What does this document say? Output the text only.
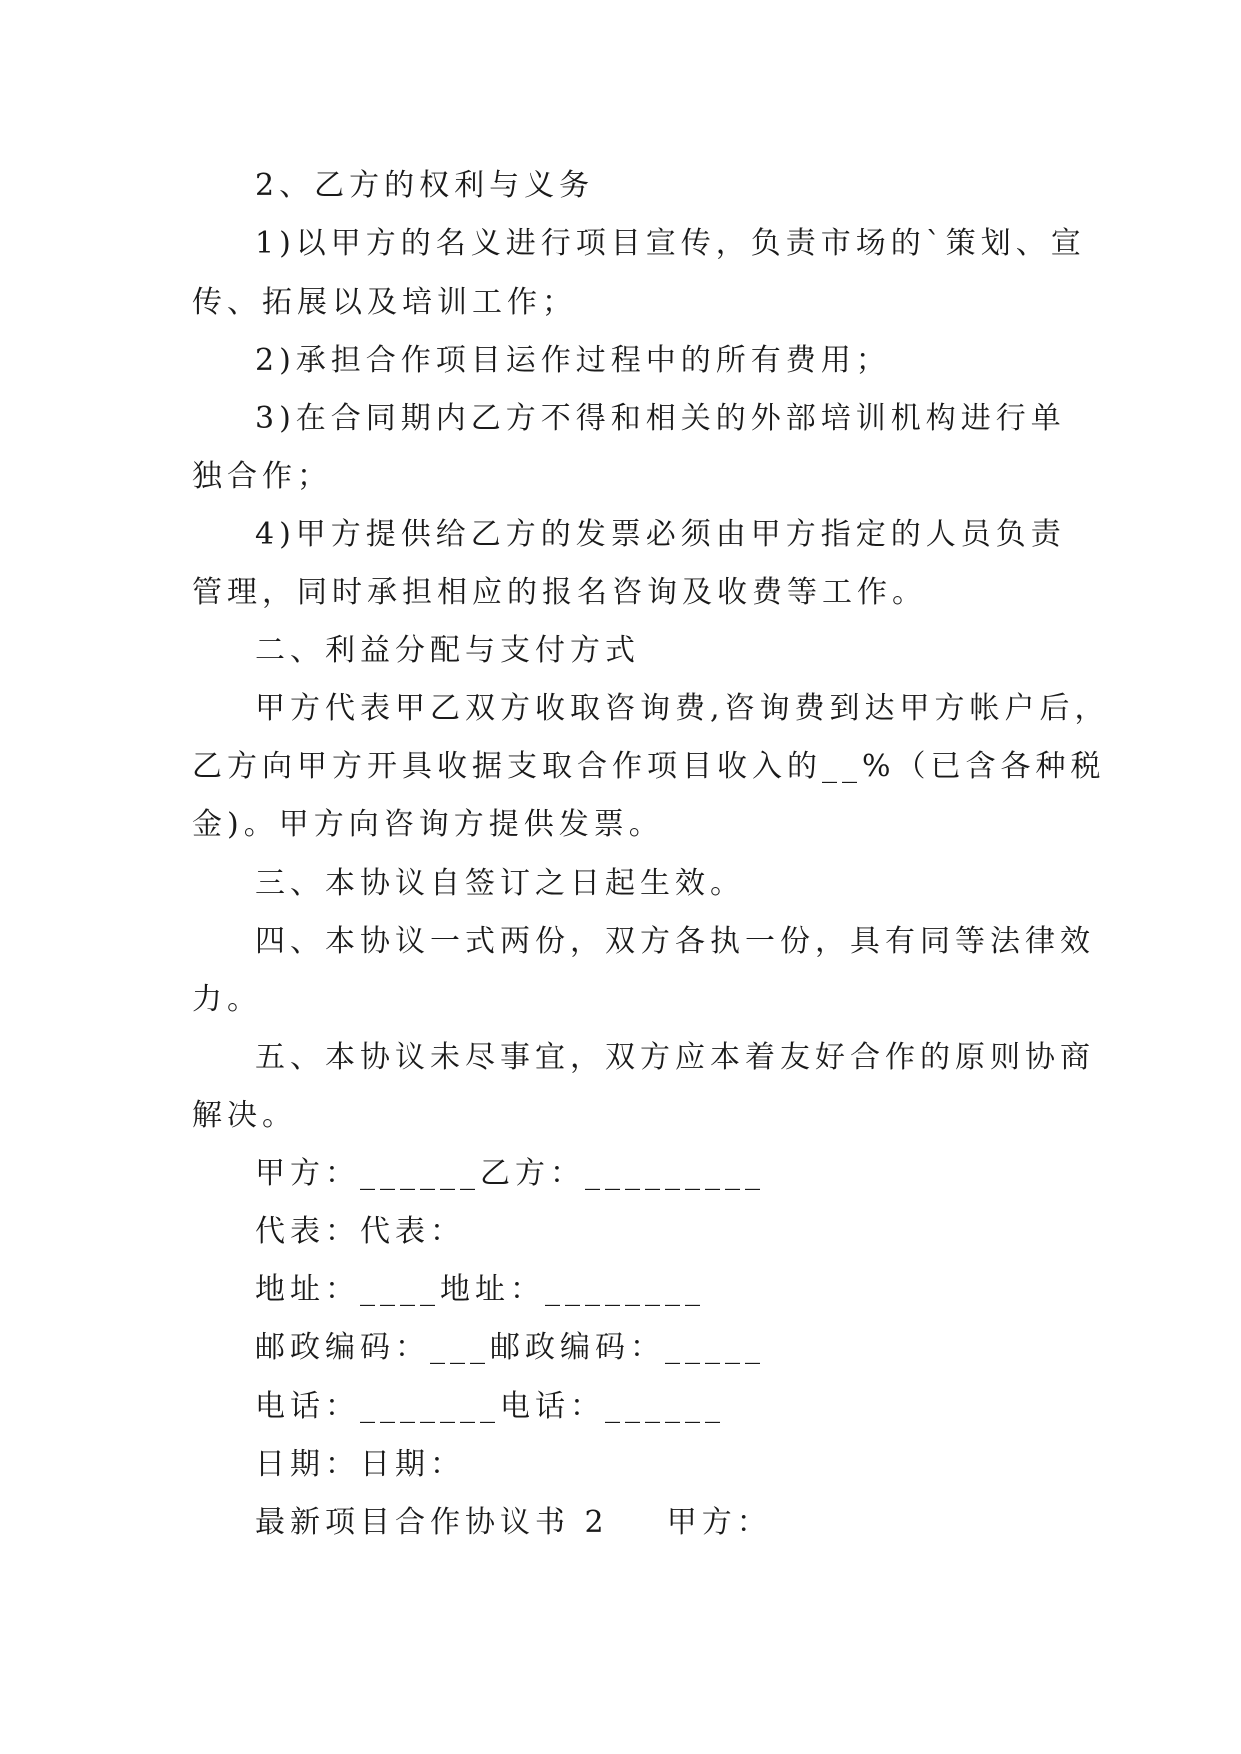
2、乙方的权利与义务
1)以甲方的名义进行项目宣传，负责市场的`策划、宣
传、拓展以及培训工作；
2)承担合作项目运作过程中的所有费用；
3)在合同期内乙方不得和相关的外部培训机构进行单
独合作；
4)甲方提供给乙方的发票必须由甲方指定的人员负责
管理，同时承担相应的报名咨询及收费等工作。
二、利益分配与支付方式
甲方代表甲乙双方收取咨询费,咨询费到达甲方帐户后，
乙方向甲方开具收据支取合作项目收入的__%（已含各种税
金)。甲方向咨询方提供发票。
三、本协议自签订之日起生效。
四、本协议一式两份，双方各执一份，具有同等法律效
力。
五、本协议未尽事宜，双方应本着友好合作的原则协商
解决。
甲方：______乙方：_________
代表：代表：
地址：____地址：________
邮政编码：___邮政编码：_____
电话：_______电话：______
日期：日期：
最新项目合作协议书 2    甲方：
